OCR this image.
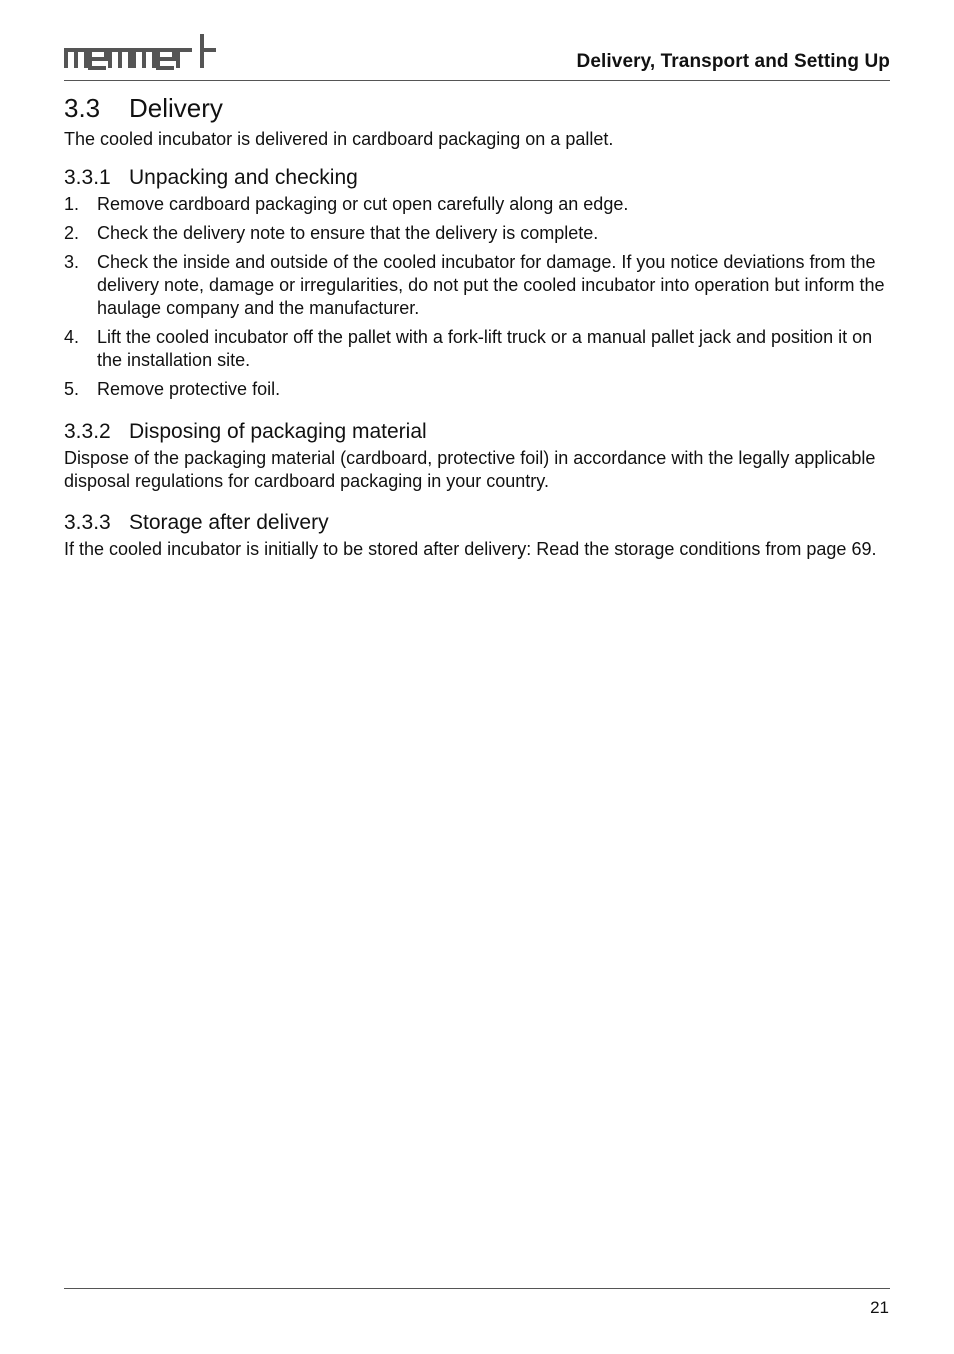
Delivery, Transport and Setting Up
3.3	Delivery

The cooled incubator is delivered in cardboard packaging on a pallet.

3.3.1 Unpacking and checking
1. Remove cardboard packaging or cut open carefully along an edge.
2. Check the delivery note to ensure that the delivery is complete.
3. Check the inside and outside of the cooled incubator for damage. If you notice deviations from the delivery note, damage or irregularities, do not put the cooled incubator into operation but inform the haulage company and the manufacturer.
4. Lift the cooled incubator off the pallet with a fork-lift truck or a manual pallet jack and position it on the installation site.
5. Remove protective foil.
3.3.2 Disposing of packaging material

Dispose of the packaging material (cardboard, protective foil) in accordance with the legally applicable disposal regulations for cardboard packaging in your country.

3.3.3 Storage after delivery

If the cooled incubator is initially to be stored after delivery: Read the storage conditions from page 69.

21
